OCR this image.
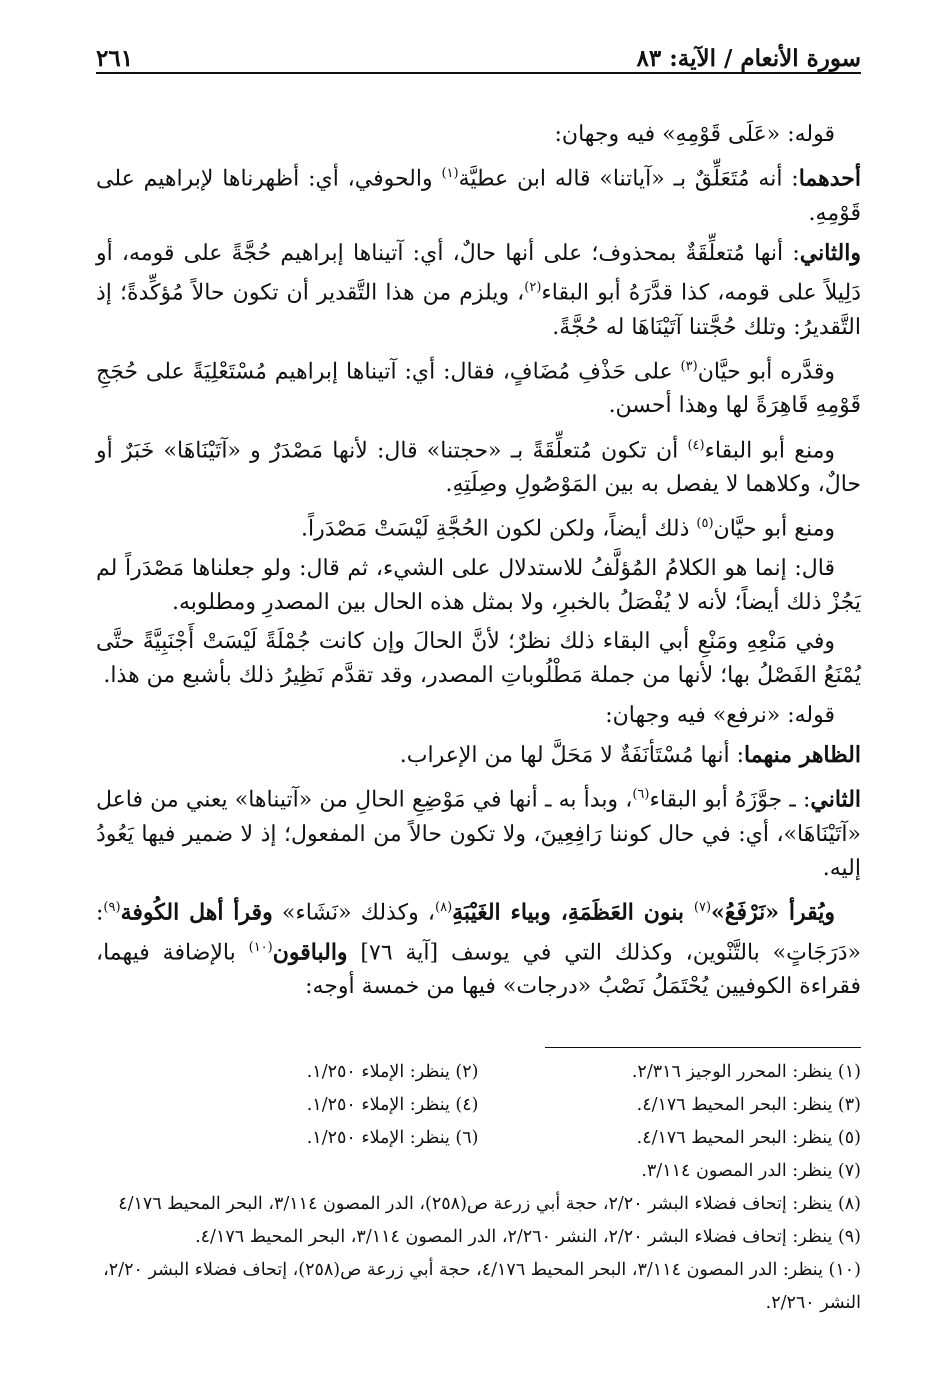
سورة الأنعام / الآية: ٨٣
٢٦١

قوله: «عَلَى قَوْمِهِ» فيه وجهان:

أحدهما: أنه مُتَعَلِّقٌ بـ «آياتنا» قاله ابن عطيَّة$^{(١)}$ والحوفي، أي: أظهرناها لإبراهيم على قَوْمِهِ.

والثاني: أنها مُتعلِّقَةٌ بمحذوف؛ على أنها حالٌ، أي: آتيناها إبراهيم حُجَّةً على قومه، أو دَلِيلاً على قومه، كذا قدَّرَهُ أبو البقاء$^{(٢)}$، ويلزم من هذا التَّقدير أن تكون حالاً مُؤكِّدةً؛ إذ التَّقديرُ: وتلك حُجَّتنا آتَيْنَاهَا له حُجَّةً.

وقدَّره أبو حيَّان$^{(٣)}$ على حَذْفِ مُضَافٍ، فقال: أي: آتيناها إبراهيم مُسْتَعْلِيَةً على حُجَجِ قَوْمِهِ قَاهِرَةً لها وهذا أحسن.

ومنع أبو البقاء$^{(٤)}$ أن تكون مُتعلِّقَةً بـ «حجتنا» قال: لأنها مَصْدَرٌ و «آتَيْنَاهَا» خَبَرٌ أو حالٌ، وكلاهما لا يفصل به بين المَوْصُولِ وصِلَتِهِ.

ومنع أبو حيَّان$^{(٥)}$ ذلك أيضاً، ولكن لكون الحُجَّةِ لَيْسَتْ مَصْدَراً.

قال: إنما هو الكلامُ المُؤلَّفُ للاستدلال على الشيء، ثم قال: ولو جعلناها مَصْدَراً لم يَجُزْ ذلك أيضاً؛ لأنه لا يُفْصَلُ بالخبرِ، ولا بمثل هذه الحال بين المصدرِ ومطلوبه.

وفي مَنْعِهِ ومَنْعِ أبي البقاء ذلك نظرٌ؛ لأنَّ الحالَ وإن كانت جُمْلَةً لَيْسَتْ أَجْنَبِيَّةً حتَّى يُمْنَعُ الفَصْلُ بها؛ لأنها من جملة مَطْلُوباتِ المصدر، وقد تقدَّم نَظِيرُ ذلك بأشبع من هذا.

قوله: «نرفع» فيه وجهان:

الظاهر منهما: أنها مُسْتَأنَفَةٌ لا مَحَلَّ لها من الإعراب.

الثاني: ـ جوَّزَهُ أبو البقاء$^{(٦)}$، وبدأ به ـ أنها في مَوْضِعِ الحالِ من «آتيناها» يعني من فاعل «آتَيْنَاهَا»، أي: في حال كوننا رَافِعِينَ، ولا تكون حالاً من المفعول؛ إذ لا ضمير فيها يَعُودُ إليه.

ويُقرأ «نَرْفَعُ»$^{(٧)}$ بنون العَظَمَةِ، وبياء الغَيْبَةِ$^{(٨)}$، وكذلك «نَشَاء» وقرأ أهل الكُوفة$^{(٩)}$: «دَرَجَاتٍ» بالتَّنْوين، وكذلك التي في يوسف [آية ٧٦] والباقون$^{(١٠)}$ بالإضافة فيهما، فقراءة الكوفيين يُحْتَمَلُ نَصْبُ «درجات» فيها من خمسة أوجه:

(١) ينظر: المحرر الوجيز ٢/٣١٦.
(٢) ينظر: الإملاء ١/٢٥٠.
(٣) ينظر: البحر المحيط ٤/١٧٦.
(٤) ينظر: الإملاء ١/٢٥٠.
(٥) ينظر: البحر المحيط ٤/١٧٦.
(٦) ينظر: الإملاء ١/٢٥٠.
(٧) ينظر: الدر المصون ٣/١١٤.
(٨) ينظر: إتحاف فضلاء البشر ٢/٢٠، حجة أبي زرعة ص(٢٥٨)، الدر المصون ٣/١١٤، البحر المحيط ٤/١٧٦
(٩) ينظر: إتحاف فضلاء البشر ٢/٢٠، النشر ٢/٢٦٠، الدر المصون ٣/١١٤، البحر المحيط ٤/١٧٦.
(١٠) ينظر: الدر المصون ٣/١١٤، البحر المحيط ٤/١٧٦، حجة أبي زرعة ص(٢٥٨)، إتحاف فضلاء البشر ٢/٢٠، النشر ٢/٢٦٠.
